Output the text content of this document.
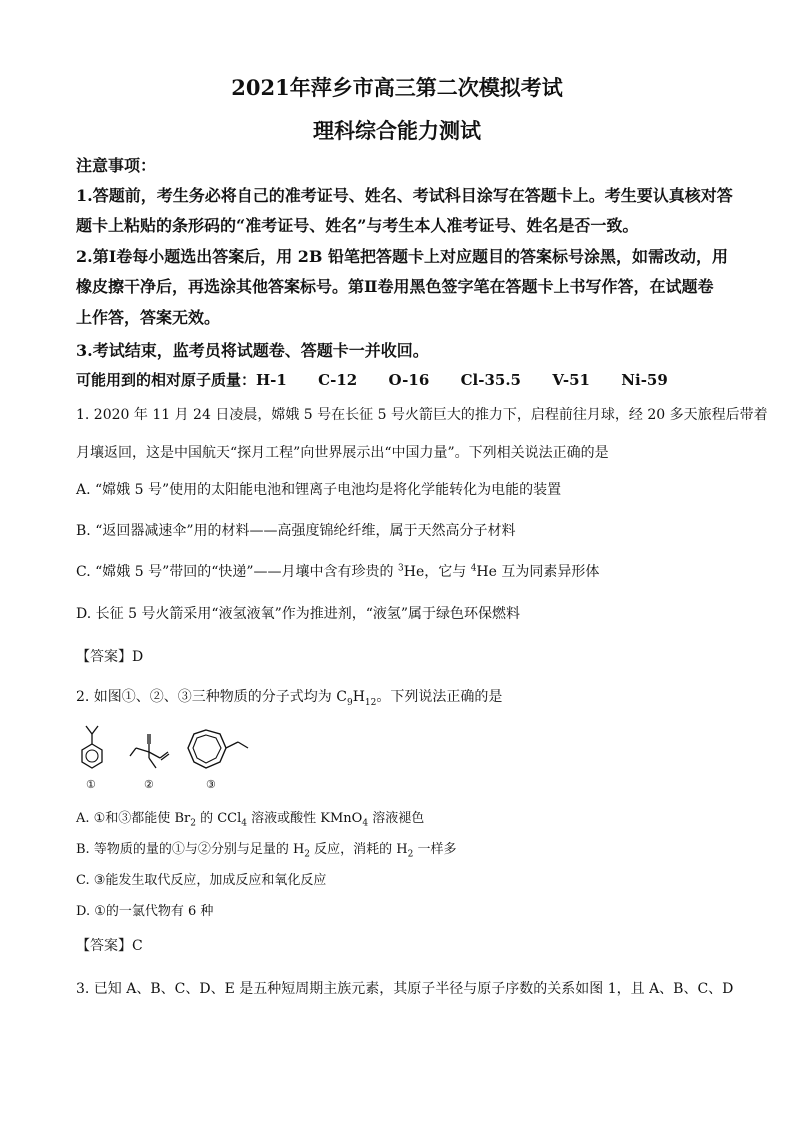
2021年萍乡市高三第二次模拟考试
理科综合能力测试
注意事项：
1.答题前，考生务必将自己的准考证号、姓名、考试科目涂写在答题卡上。考生要认真核对答
题卡上粘贴的条形码的“准考证号、姓名”与考生本人准考证号、姓名是否一致。
2.第Ⅰ卷每小题选出答案后，用 2B 铅笔把答题卡上对应题目的答案标号涂黑，如需改动，用
橡皮擦干净后，再选涂其他答案标号。第Ⅱ卷用黑色签字笔在答题卡上书写作答，在试题卷
上作答，答案无效。
3.考试结束，监考员将试题卷、答题卡一并收回。
可能用到的相对原子质量：H-1      C-12      O-16      Cl-35.5      V-51      Ni-59
1. 2020 年 11 月 24 日凌晨，嫦娥 5 号在长征 5 号火箭巨大的推力下，启程前往月球，经 20 多天旅程后带着
月壤返回，这是中国航天“探月工程”向世界展示出“中国力量”。下列相关说法正确的是
A. “嫦娥 5 号”使用的太阳能电池和锂离子电池均是将化学能转化为电能的装置
B. “返回器减速伞”用的材料——高强度锦纶纤维，属于天然高分子材料
C. “嫦娥 5 号”带回的“快递”——月壤中含有珍贵的 $^3$He，它与 $^4$He 互为同素异形体
D. 长征 5 号火箭采用“液氢液氧”作为推进剂，“液氢”属于绿色环保燃料
【答案】D
2. 如图①、②、③三种物质的分子式均为 $C_9H_{12}$。下列说法正确的是
①	②	③
A. ①和③都能使 $Br_2$ 的 CCl$_4$ 溶液或酸性 KMnO$_4$ 溶液褪色
B. 等物质的量的①与②分别与足量的 $H_2$ 反应，消耗的 $H_2$ 一样多
C. ③能发生取代反应，加成反应和氧化反应
D. ①的一氯代物有 6 种
【答案】C
3. 已知 A、B、C、D、E 是五种短周期主族元素，其原子半径与原子序数的关系如图 1，且 A、B、C、D
